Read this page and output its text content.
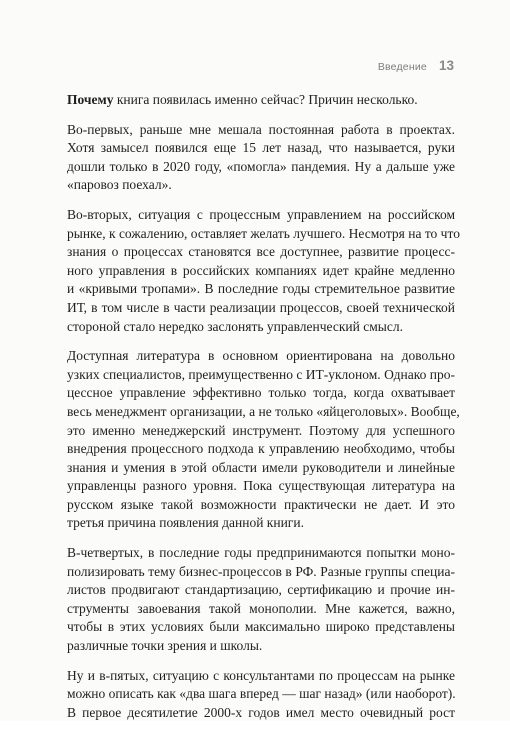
Введение 13

Почему книга появилась именно сейчас? Причин несколько.

Во-первых, раньше мне мешала постоянная работа в проектах.
Хотя замысел появился еще 15 лет назад, что называется, руки
дошли только в 2020 году, «помогла» пандемия. Ну а дальше уже
«паровоз поехал».

Во-вторых, ситуация с процессным управлением на российском
рынке, к сожалению, оставляет желать лучшего. Несмотря на то что
знания о процессах становятся все доступнее, развитие процесс-
ного управления в российских компаниях идет крайне медленно
и «кривыми тропами». В последние годы стремительное развитие
ИТ, в том числе в части реализации процессов, своей технической
стороной стало нередко заслонять управленческий смысл.

Доступная литература в основном ориентирована на довольно
узких специалистов, преимущественно с ИТ-уклоном. Однако про-
цессное управление эффективно только тогда, когда охватывает
весь менеджмент организации, а не только «яйцеголовых». Вообще,
это именно менеджерский инструмент. Поэтому для успешного
внедрения процессного подхода к управлению необходимо, чтобы
знания и умения в этой области имели руководители и линейные
управленцы разного уровня. Пока существующая литература на
русском языке такой возможности практически не дает. И это
третья причина появления данной книги.

В-четвертых, в последние годы предпринимаются попытки моно-
полизировать тему бизнес-процессов в РФ. Разные группы специа-
листов продвигают стандартизацию, сертификацию и прочие ин-
струменты завоевания такой монополии. Мне кажется, важно,
чтобы в этих условиях были максимально широко представлены
различные точки зрения и школы.

Ну и в-пятых, ситуацию с консультантами по процессам на рынке
можно описать как «два шага вперед — шаг назад» (или наоборот).
В первое десятилетие 2000-х годов имел место очевидный рост
